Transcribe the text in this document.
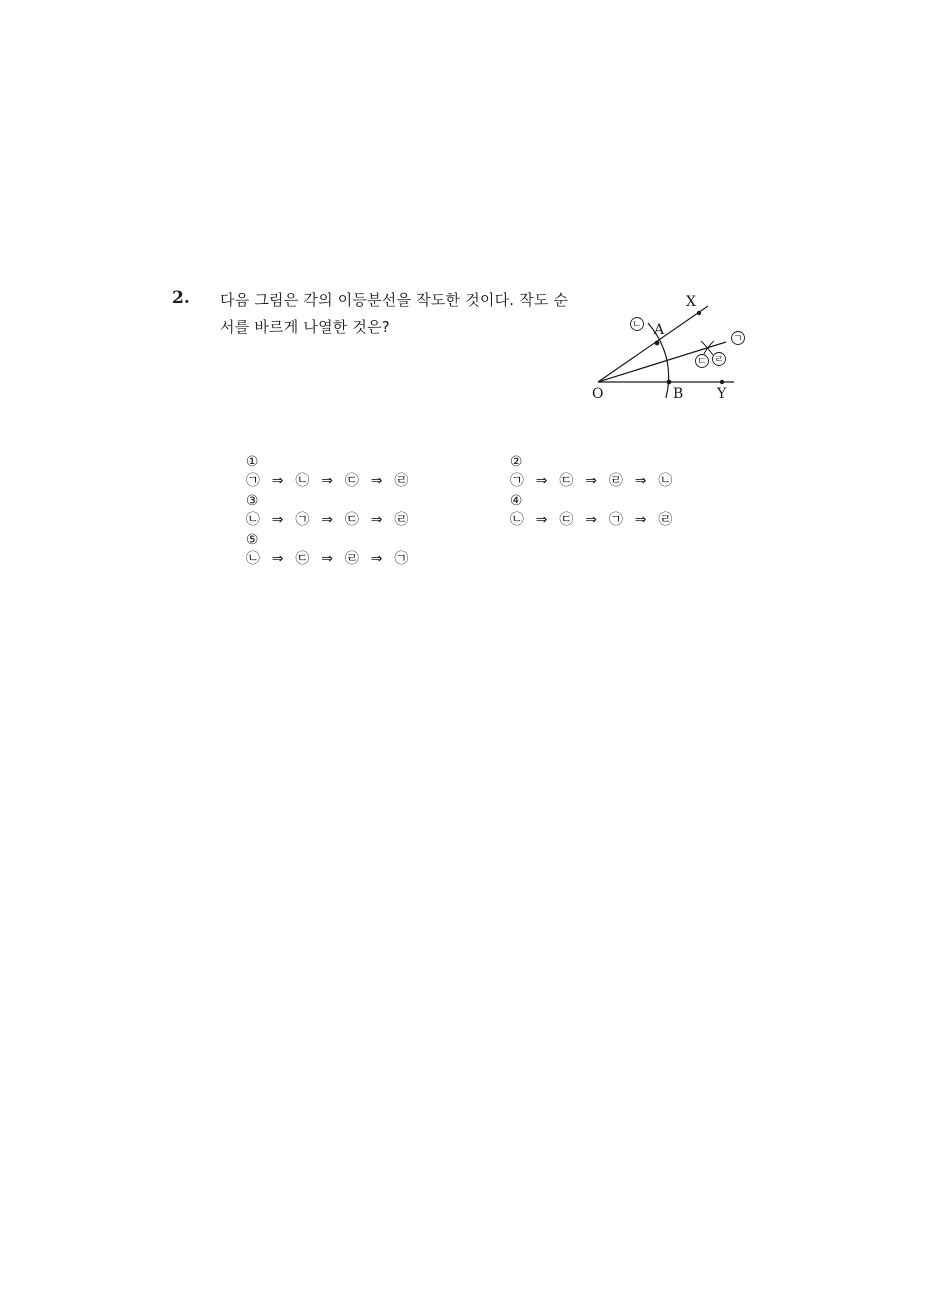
2. 다음 그림은 각의 이등분선을 작도한 것이다. 작도 순
서를 바르게 나열한 것은?
O
A
B
X
Y
ㄴ
ㄱ
ㄷ ㄹ

①
㉠  ⇒  ㉡  ⇒  ㉢  ⇒  ㉣

②
㉠  ⇒  ㉢  ⇒  ㉣  ⇒  ㉡

③
㉡  ⇒  ㉠  ⇒  ㉢  ⇒  ㉣

④
㉡  ⇒  ㉢  ⇒  ㉠  ⇒  ㉣

⑤
㉡  ⇒  ㉢  ⇒  ㉣  ⇒  ㉠
